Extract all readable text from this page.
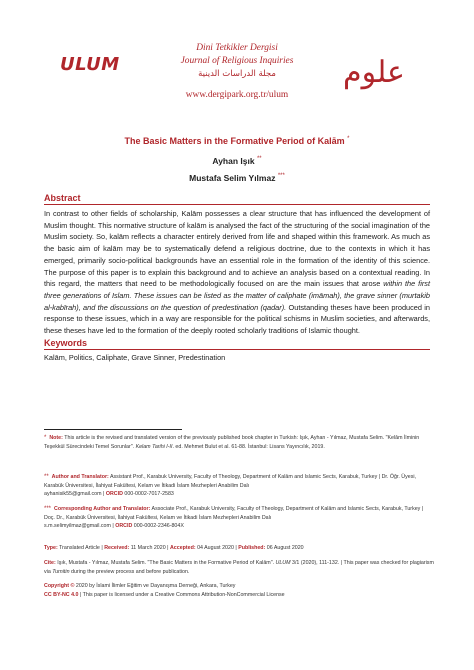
ULUM
Dini Tetkikler Dergisi
Journal of Religious Inquiries
مجلة الدراسات الدينية
www.dergipark.org.tr/ulum
علوم
The Basic Matters in the Formative Period of Kalām *
Ayhan Işık **
Mustafa Selim Yılmaz ***
Abstract
In contrast to other fields of scholarship, Kalām possesses a clear structure that has influenced the development of Muslim thought. This normative structure of kalām is analysed the fact of the structuring of the social imagination of the Muslim society. So, kalām reflects a character entirely derived from life and shaped within this framework. As much as the basic aim of kalām may be to systematically defend a religious doctrine, due to the contexts in which it has emerged, primarily socio-political backgrounds have an essential role in the formation of the identity of this science. The purpose of this paper is to explain this background and to achieve an analysis based on a contextual reading. In this regard, the matters that need to be methodologically focused on are the main issues that arose within the first three generations of Islam. These issues can be listed as the matter of caliphate (imāmah), the grave sinner (murtakib al-kabīrah), and the discussions on the question of predestination (qadar). Outstanding theses have been produced in response to these issues, which in a way are responsible for the political schisms in Muslim societies, and afterwards, these theses have led to the formation of the deeply rooted scholarly traditions of Islamic thought.
Keywords
Kalām, Politics, Caliphate, Grave Sinner, Predestination
* Note: This article is the revised and translated version of the previously published book chapter in Turkish: Işık, Ayhan - Yılmaz, Mustafa Selim. "Kelâm İlminin Teşekkül Sürecindeki Temel Sorunlar". Kelam Tarihi I-II. ed. Mehmet Bulut et al. 61-88. İstanbul: Lisans Yayıncılık, 2019.
** Author and Translator: Assistant Prof., Karabuk University, Faculty of Theology, Department of Kalām and Islamic Sects, Karabuk, Turkey | Dr. Öğr. Üyesi, Karabük Üniversitesi, İlahiyat Fakültesi, Kelam ve İtikadi İslam Mezhepleri Anabilim Dalı
ayhanisik55@gmail.com | ORCID 000-0002-7017-2583
*** Corresponding Author and Translator: Associate Prof., Karabuk University, Faculty of Theology, Department of Kalām and Islamic Sects, Karabuk, Turkey | Doç. Dr., Karabük Üniversitesi, İlahiyat Fakültesi, Kelam ve İtikadi İslam Mezhepleri Anabilim Dalı
s.m.selimyilmaz@gmail.com | ORCID 000-0002-2346-804X
Type: Translated Article | Received: 11 March 2020 | Accepted: 04 August 2020 | Published: 06 August 2020
Cite: Işık, Mustafa - Yılmaz, Mustafa Selim. "The Basic Matters in the Formative Period of Kalām". ULUM 3/1 (2020), 111-132. | This paper was checked for plagiarism via Turnitin during the preview process and before publication.
Copyright © 2020 by İslami İlimler Eğitim ve Dayanışma Derneği, Ankara, Turkey
CC BY-NC 4.0 | This paper is licensed under a Creative Commons Attribution-NonCommercial License
